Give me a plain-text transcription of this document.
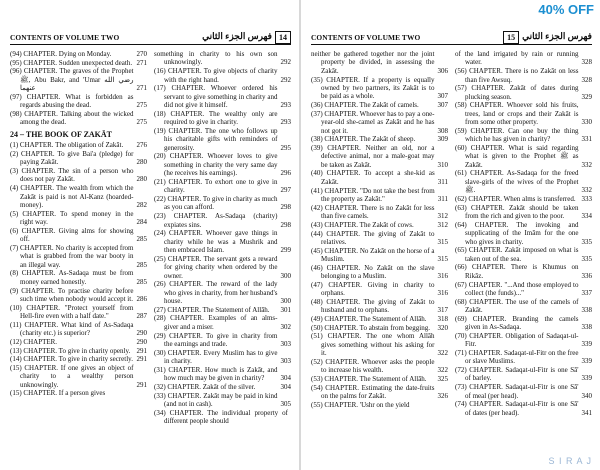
CONTENTS OF VOLUME TWO	فهرس الجزء الثاني 14
(94) CHAPTER. Dying on Monday.	270
(95) CHAPTER. Sudden unexpected death. 271
(96) CHAPTER. The graves of the Prophet ﷺ, Abu Bakr, and 'Umar رضي الله عنهما	271
(97) CHAPTER. What is forbidden as regards abusing the dead.	275
(98) CHAPTER. Talking about the wicked among the dead.	275
24 – THE BOOK OF ZAKĀT
(1) CHAPTER. The obligation of Zakāt.	276
(2) CHAPTER. To give Bai'a (pledge) for paying Zakāt.	280
(3) CHAPTER. The sin of a person who does not pay Zakāt.	280
(4) CHAPTER. The wealth from which the Zakāt is paid is not Al-Kanz (hoarded-money).	282
(5) CHAPTER. To spend money in the right way.	284
(6) CHAPTER. Giving alms for showing off.	285
(7) CHAPTER. No charity is accepted from what is grabbed from the war booty in an illegal way.	285
(8) CHAPTER. As-Sadaqa must be from money earned honestly.	285
(9) CHAPTER. To practise charity before such time when nobody would accept it. 286
(10) CHAPTER. "Protect yourself from Hell-fire even with a half date."	287
(11) CHAPTER. What kind of As-Sadaqa (charity etc.) is superior?	290
(12) CHAPTER.	290
(13) CHAPTER. To give in charity openly. 291
(14) CHAPTER. To give in charity secretly. 291
(15) CHAPTER. If one gives an object of charity to a wealthy person unknowingly.	291
(15) CHAPTER. If a person gives
something in charity to his own son unknowingly.	292
(16) CHAPTER. To give objects of charity with the right hand.	292
(17) CHAPTER. Whoever ordered his servant to give something in charity and did not give it himself.	293
(18) CHAPTER. The wealthy only are required to give in charity.	293
(19) CHAPTER. The one who follows up his charitable gifts with reminders of generosity.	295
(20) CHAPTER. Whoever loves to give something in charity the very same day (he receives his earnings).	296
(21) CHAPTER. To exhort one to give in charity.	297
(22) CHAPTER. To give in charity as much as you can afford.	298
(23) CHAPTER. As-Sadaqa (charity) expiates sins.	298
(24) CHAPTER. Whoever gave things in charity while he was a Mushrik and then embraced Islam.	299
(25) CHAPTER. The servant gets a reward for giving charity when ordered by the owner.	300
(26) CHAPTER. The reward of the lady who gives in charity, from her husband's house.	300
(27) CHAPTER. The Statement of Allāh.	301
(28) CHAPTER. Examples of an alms-giver and a miser.	302
(29) CHAPTER. To give in charity from the earnings and trade.	303
(30) CHAPTER. Every Muslim has to give in charity.	303
(31) CHAPTER. How much is Zakāt, and how much may be given in charity?	304
(32) CHAPTER. Zakāt of the silver.	304
(33) CHAPTER. Zakāt may be paid in kind (and not in cash).	305
(34) CHAPTER. The individual property of different people should
CONTENTS OF VOLUME TWO	15 فهرس الجزء الثاني
neither be gathered together nor the joint property be divided, in assessing the Zakāt.	306
(35) CHAPTER. If a property is equally owned by two partners, its Zakāt is to be paid as a whole.	307
(36) CHAPTER. The Zakāt of camels.	307
(37) CHAPTER. Whoever has to pay a one-year-old she-camel as Zakāt and he has not got it.	308
(38) CHAPTER. The Zakāt of sheep.	309
(39) CHAPTER. Neither an old, nor a defective animal, nor a male-goat may be taken as Zakāt.	310
(40) CHAPTER. To accept a she-kid as Zakāt.	311
(41) CHAPTER. "Do not take the best from the property as Zakāt."	311
(42) CHAPTER. There is no Zakāt for less than five camels.	312
(43) CHAPTER. The Zakāt of cows.	312
(44) CHAPTER. The giving of Zakāt to relatives.	315
(45) CHAPTER. No Zakāt on the horse of a Muslim.	315
(46) CHAPTER. No Zakāt on the slave belonging to a Muslim.	316
(47) CHAPTER. Giving in charity to orphans.	316
(48) CHAPTER. The giving of Zakāt to husband and to orphans.	317
(49) CHAPTER. The Statement of Allāh.	318
(50) CHAPTER. To abstain from begging.	320
(51) CHAPTER. The one whom Allāh gives something without his asking for it.	322
(52) CHAPTER. Whoever asks the people to increase his wealth.	322
(53) CHAPTER. The Statement of Allāh.	325
(54) CHAPTER. Estimating the date-fruits on the palms for Zakāt.	326
(55) CHAPTER. 'Ushr on the yield
of the land irrigated by rain or running water.	328
(56) CHAPTER. There is no Zakāt on less than five Awsuq.	328
(57) CHAPTER. Zakāt of dates during plucking season.	329
(58) CHAPTER. Whoever sold his fruits, trees, land or crops and their Zakāt is from some other property.	330
(59) CHAPTER. Can one buy the thing which he has given in charity?	331
(60) CHAPTER. What is said regarding what is given to the Prophet ﷺ as Zakāt.	332
(61) CHAPTER. As-Sadaqa for the freed slave-girls of the wives of the Prophet ﷺ.	332
(62) CHAPTER. When alms is transferred. 333
(63) CHAPTER. Zakāt should be taken from the rich and given to the poor.	334
(64) CHAPTER. The invoking and supplicating of the Imām for the one who gives in charity.	335
(65) CHAPTER. Zakāt imposed on what is taken out of the sea.	335
(66) CHAPTER. There is Khumus on Rikāz.	336
(67) CHAPTER. "...And those employed to collect (the funds)..."	337
(68) CHAPTER. The use of the camels of Zakāt.	338
(69) CHAPTER. Branding the camels given in As-Sadaqa.	338
(70) CHAPTER. Obligation of Sadaqat-ul-Fitr.	339
(71) CHAPTER. Sadaqat-ul-Fitr on the free or slave Muslims.	339
(72) CHAPTER. Sadaqat-ul-Fitr is one Sā' of barley.	339
(73) CHAPTER. Sadaqat-ul-Fitr is one Sā' of meal (per head).	340
(74) CHAPTER. Sadaqat-ul-Fitr is one Sā' of dates (per head).	341
40% OFF
S I R A J
